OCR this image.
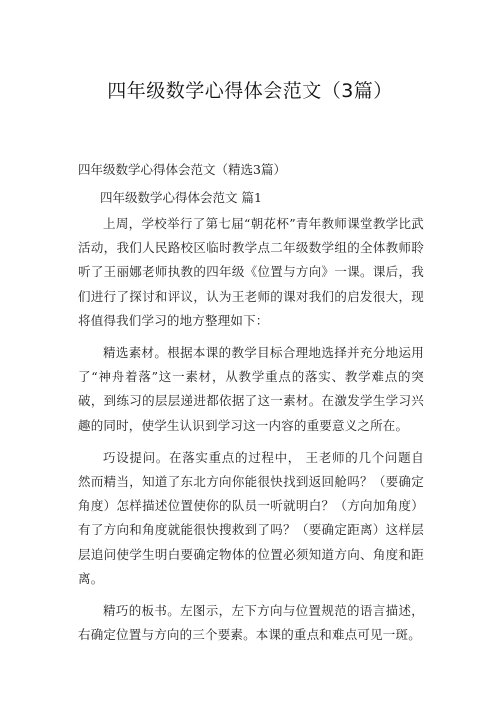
四年级数学心得体会范文（3篇）
四年级数学心得体会范文（精选3篇）
四年级数学心得体会范文 篇1

上周，学校举行了第七届“朝花杯”青年教师课堂教学比武活动，我们人民路校区临时教学点二年级数学组的全体教师聆听了王丽娜老师执教的四年级《位置与方向》一课。课后，我们进行了探讨和评议，认为王老师的课对我们的启发很大，现将值得我们学习的地方整理如下：

精选素材。根据本课的教学目标合理地选择并充分地运用了“神舟着落”这一素材，从教学重点的落实、教学难点的突破，到练习的层层递进都依据了这一素材。在激发学生学习兴趣的同时，使学生认识到学习这一内容的重要意义之所在。

巧设提问。在落实重点的过程中， 王老师的几个问题自然而精当，知道了东北方向你能很快找到返回舱吗？（要确定角度）怎样描述位置使你的队员一听就明白？（方向加角度）有了方向和角度就能很快搜救到了吗？（要确定距离）这样层层追问使学生明白要确定物体的位置必须知道方向、角度和距离。

精巧的板书。左图示，左下方向与位置规范的语言描述，右确定位置与方向的三个要素。本课的重点和难点可见一斑。
